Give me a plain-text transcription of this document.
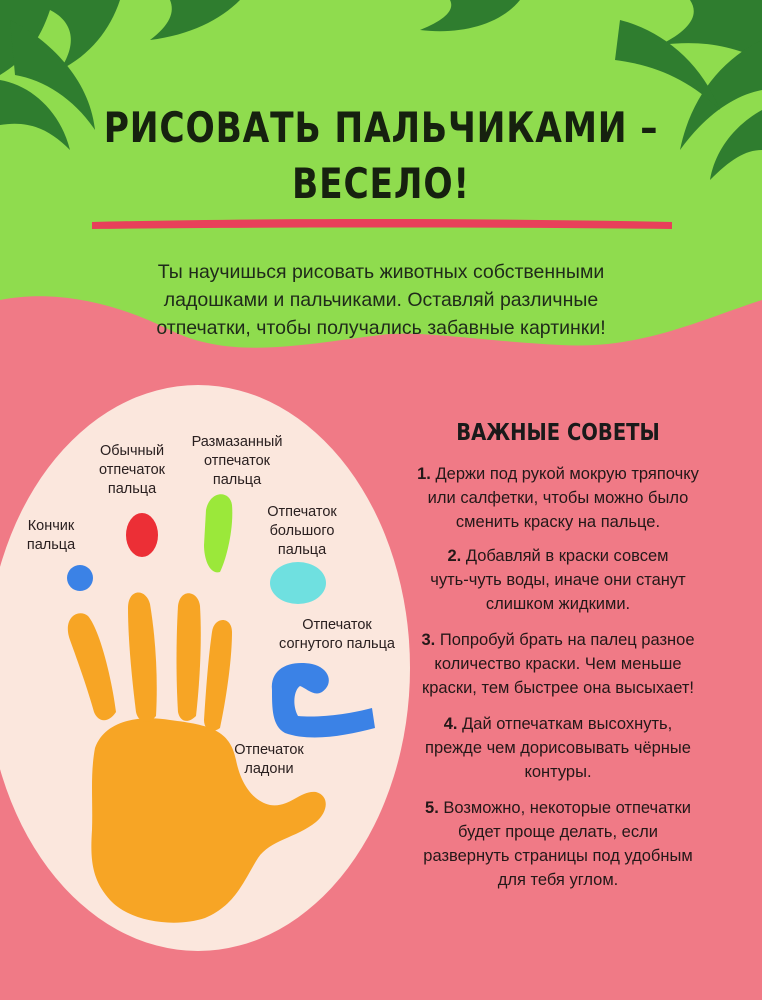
РИСОВАТЬ ПАЛЬЧИКАМИ –
ВЕСЕЛО!

Ты научишься рисовать животных собственными

ладошками и пальчиками. Оставляй различные

отпечатки, чтобы получались забавные картинки!

Кончик

пальца

Обычный

отпечаток

пальца

Размазанный

отпечаток

пальца

Отпечаток

большого

пальца

Отпечаток

согнутого пальца

Отпечаток

ладони

ВАЖНЫЕ СОВЕТЫ

1. Держи под рукой мокрую тряпочку

или салфетки, чтобы можно было

сменить краску на пальце.

2. Добавляй в краски совсем

чуть-чуть воды, иначе они станут

слишком жидкими.

3. Попробуй брать на палец разное

количество краски. Чем меньше

краски, тем быстрее она высыхает!

4. Дай отпечаткам высохнуть,

прежде чем дорисовывать чёрные

контуры.

5. Возможно, некоторые отпечатки

будет проще делать, если

развернуть страницы под удобным

для тебя углом.
